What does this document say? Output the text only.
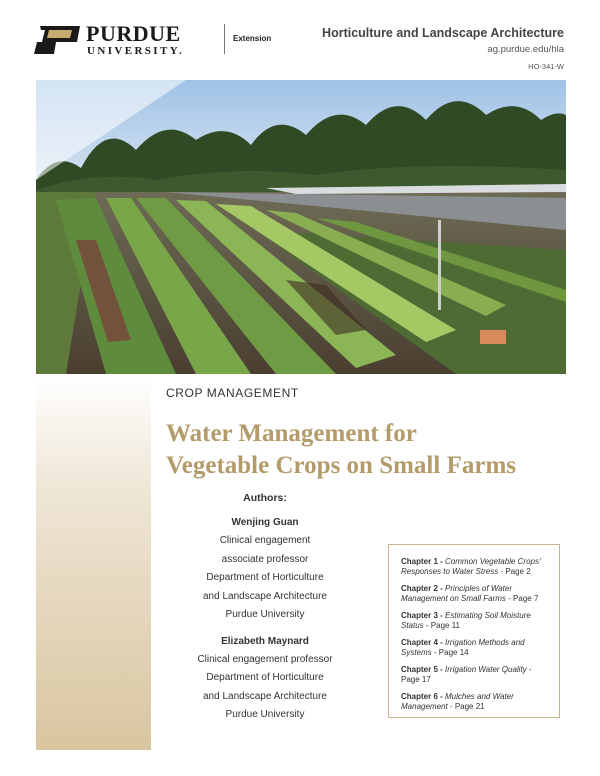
PURDUE
UNIVERSITY.
Extension	Horticulture and Landscape Architecture
ag.purdue.edu/hla
HO-341-W
CROP MANAGEMENT
Water Management for
Vegetable Crops on Small Farms
Authors:
Wenjing Guan
Clinical engagement
associate professor
Department of Horticulture
and Landscape Architecture
Purdue University
Elizabeth Maynard
Clinical engagement professor
Department of Horticulture
and Landscape Architecture
Purdue University
Chapter 1 - Common Vegetable Crops' Responses to Water Stress - Page 2
Chapter 2 - Principles of Water Management on Small Farms - Page 7
Chapter 3 - Estimating Soil Moisture Status - Page 11
Chapter 4 - Irrigation Methods and Systems - Page 14
Chapter 5 - Irrigation Water Quality - Page 17
Chapter 6 - Mulches and Water Management - Page 21
